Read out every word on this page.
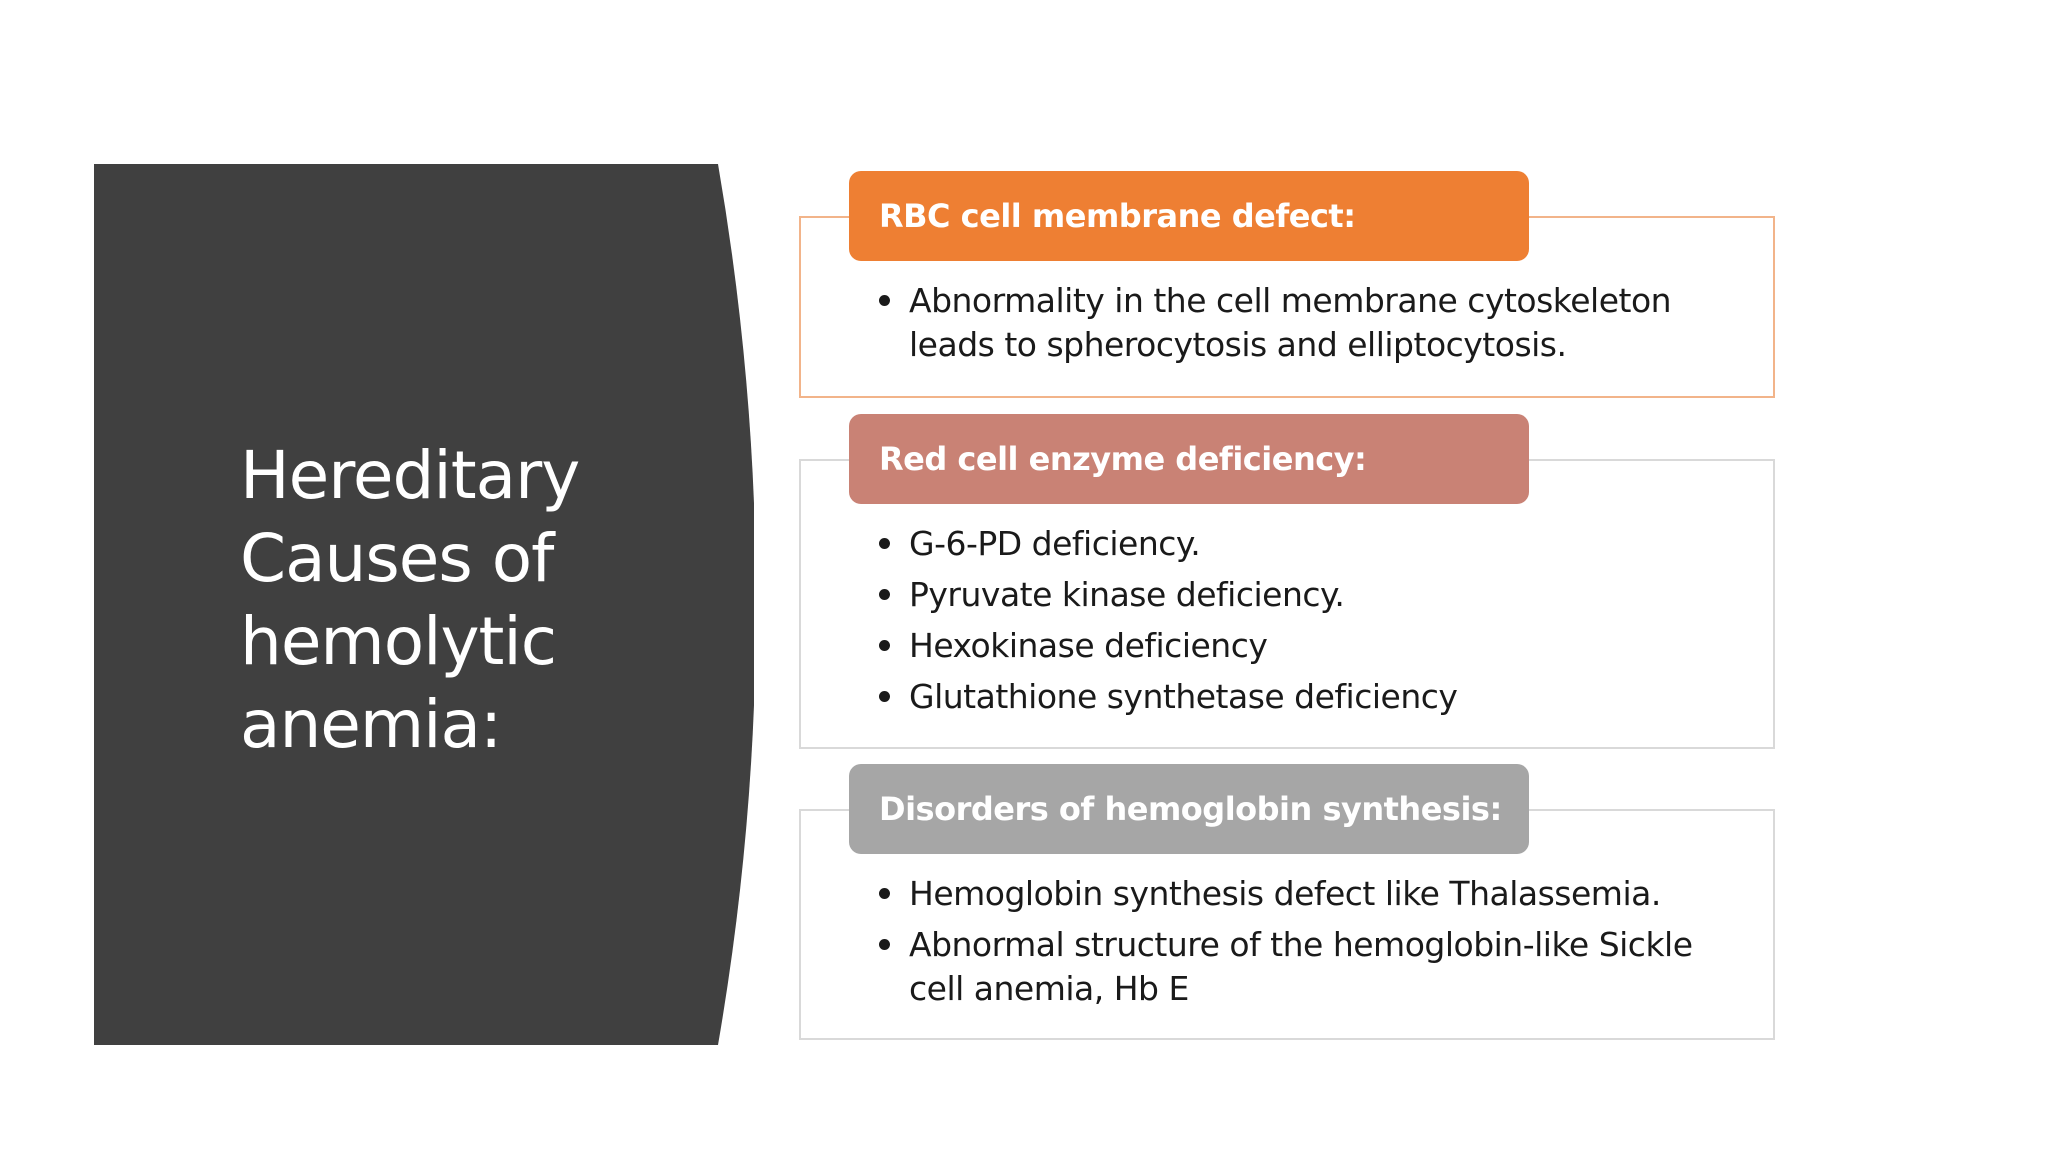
Hereditary Causes of hemolytic anemia:
RBC cell membrane defect:
Abnormality in the cell membrane cytoskeleton leads to spherocytosis and elliptocytosis.
Red cell enzyme deficiency:
G-6-PD deficiency.
Pyruvate kinase deficiency.
Hexokinase deficiency
Glutathione synthetase deficiency
Disorders of hemoglobin synthesis:
Hemoglobin synthesis defect like Thalassemia.
Abnormal structure of the hemoglobin-like Sickle cell anemia, Hb E
